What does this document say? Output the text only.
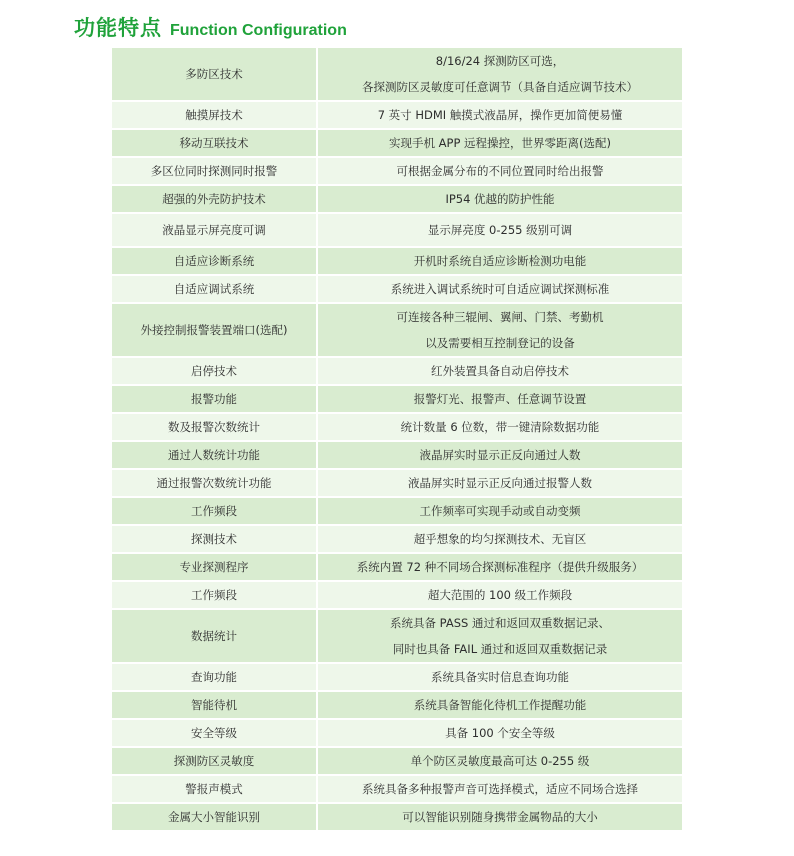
功能特点 Function Configuration
多防区技术	8/16/24 探测防区可选，
各探测防区灵敏度可任意调节（具备自适应调节技术）

触摸屏技术	7 英寸 HDMI 触摸式液晶屏，操作更加简便易懂

移动互联技术	实现手机 APP 远程操控，世界零距离(选配)

多区位同时探测同时报警	可根据金属分布的不同位置同时给出报警

超强的外壳防护技术	IP54 优越的防护性能

液晶显示屏亮度可调	显示屏亮度 0-255 级别可调

自适应诊断系统	开机时系统自适应诊断检测功电能

自适应调试系统	系统进入调试系统时可自适应调试探测标准

外接控制报警装置端口(选配)	可连接各种三辊闸、翼闸、门禁、考勤机
以及需要相互控制登记的设备

启停技术	红外装置具备自动启停技术

报警功能	报警灯光、报警声、任意调节设置

数及报警次数统计	统计数量 6 位数，带一键清除数据功能

通过人数统计功能	液晶屏实时显示正反向通过人数

通过报警次数统计功能	液晶屏实时显示正反向通过报警人数

工作频段	工作频率可实现手动或自动变频

探测技术	超乎想象的均匀探测技术、无盲区

专业探测程序	系统内置 72 种不同场合探测标准程序（提供升级服务）

工作频段	超大范围的 100 级工作频段

数据统计	系统具备 PASS 通过和返回双重数据记录、
同时也具备 FAIL 通过和返回双重数据记录

查询功能	系统具备实时信息查询功能

智能待机	系统具备智能化待机工作提醒功能

安全等级	具备 100 个安全等级

探测防区灵敏度	单个防区灵敏度最高可达 0-255 级

警报声模式	系统具备多种报警声音可选择模式，适应不同场合选择

金属大小智能识别	可以智能识别随身携带金属物品的大小
